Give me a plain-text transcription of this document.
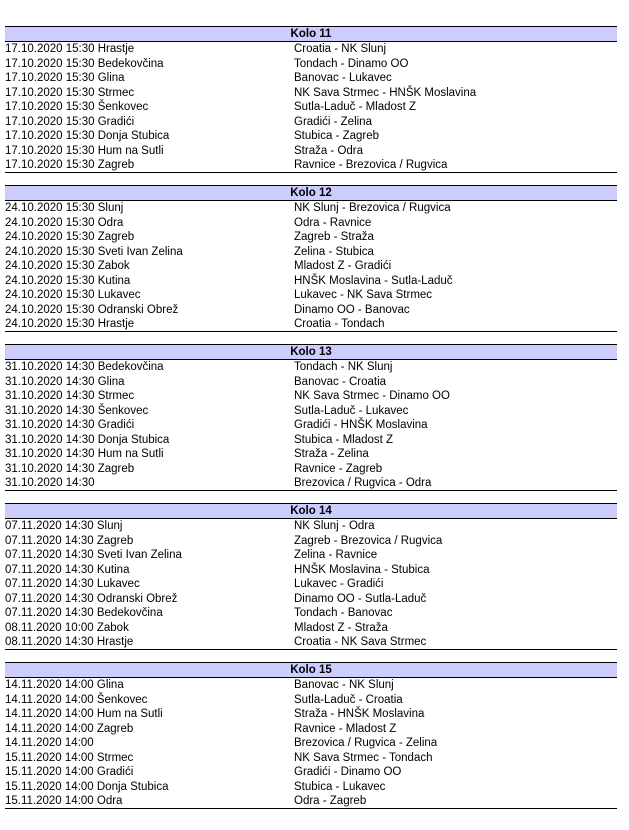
Kolo 11
17.10.2020 15:30 Hrastje	Croatia - NK Slunj
17.10.2020 15:30 Bedekovčina	Tondach - Dinamo OO
17.10.2020 15:30 Glina	Banovac - Lukavec
17.10.2020 15:30 Strmec	NK Sava Strmec - HNŠK Moslavina
17.10.2020 15:30 Šenkovec	Sutla-Laduč - Mladost Z
17.10.2020 15:30 Gradići	Gradići - Zelina
17.10.2020 15:30 Donja Stubica	Stubica - Zagreb
17.10.2020 15:30 Hum na Sutli	Straža - Odra
17.10.2020 15:30 Zagreb	Ravnice - Brezovica / Rugvica
Kolo 12
24.10.2020 15:30 Slunj	NK Slunj - Brezovica / Rugvica
24.10.2020 15:30 Odra	Odra - Ravnice
24.10.2020 15:30 Zagreb	Zagreb - Straža
24.10.2020 15:30 Sveti Ivan Zelina	Zelina - Stubica
24.10.2020 15:30 Zabok	Mladost Z - Gradići
24.10.2020 15:30 Kutina	HNŠK Moslavina - Sutla-Laduč
24.10.2020 15:30 Lukavec	Lukavec - NK Sava Strmec
24.10.2020 15:30 Odranski Obrež	Dinamo OO - Banovac
24.10.2020 15:30 Hrastje	Croatia - Tondach
Kolo 13
31.10.2020 14:30 Bedekovčina	Tondach - NK Slunj
31.10.2020 14:30 Glina	Banovac - Croatia
31.10.2020 14:30 Strmec	NK Sava Strmec - Dinamo OO
31.10.2020 14:30 Šenkovec	Sutla-Laduč - Lukavec
31.10.2020 14:30 Gradići	Gradići - HNŠK Moslavina
31.10.2020 14:30 Donja Stubica	Stubica - Mladost Z
31.10.2020 14:30 Hum na Sutli	Straža - Zelina
31.10.2020 14:30 Zagreb	Ravnice - Zagreb
31.10.2020 14:30	Brezovica / Rugvica - Odra
Kolo 14
07.11.2020 14:30 Slunj	NK Slunj - Odra
07.11.2020 14:30 Zagreb	Zagreb - Brezovica / Rugvica
07.11.2020 14:30 Sveti Ivan Zelina	Zelina - Ravnice
07.11.2020 14:30 Kutina	HNŠK Moslavina - Stubica
07.11.2020 14:30 Lukavec	Lukavec - Gradići
07.11.2020 14:30 Odranski Obrež	Dinamo OO - Sutla-Laduč
07.11.2020 14:30 Bedekovčina	Tondach - Banovac
08.11.2020 10:00 Zabok	Mladost Z - Straža
08.11.2020 14:30 Hrastje	Croatia - NK Sava Strmec
Kolo 15
14.11.2020 14:00 Glina	Banovac - NK Slunj
14.11.2020 14:00 Šenkovec	Sutla-Laduč - Croatia
14.11.2020 14:00 Hum na Sutli	Straža - HNŠK Moslavina
14.11.2020 14:00 Zagreb	Ravnice - Mladost Z
14.11.2020 14:00	Brezovica / Rugvica - Zelina
15.11.2020 14:00 Strmec	NK Sava Strmec - Tondach
15.11.2020 14:00 Gradići	Gradići - Dinamo OO
15.11.2020 14:00 Donja Stubica	Stubica - Lukavec
15.11.2020 14:00 Odra	Odra - Zagreb
